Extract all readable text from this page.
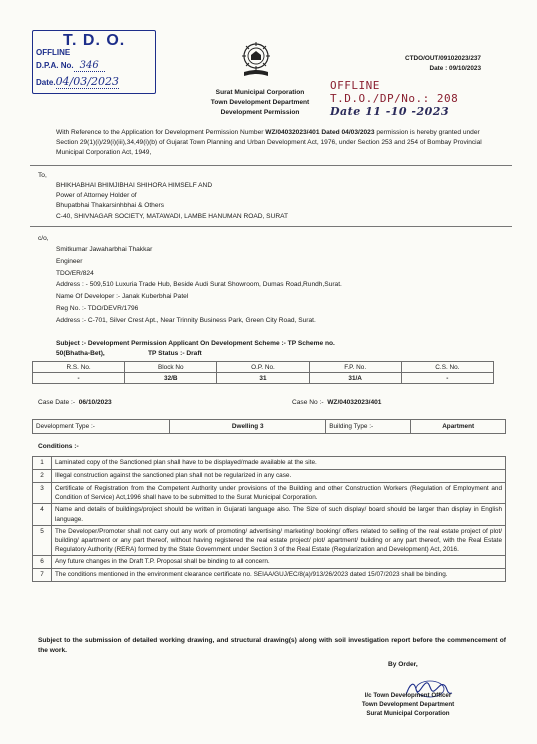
T. D. O.
OFFLINE
D.P.A. No. 346
Date.04/03/2023
Surat Municipal Corporation
Town Development Department
Development Permission
CTDO/OUT/09102023/237
Date : 09/10/2023
OFFLINE
T.D.O./DP/No.: 208
Date 11 -10 -2023
With Reference to the Application for Development Permission Number WZ/04032023/401 Dated 04/03/2023 permission is hereby granted under Section 29(1)(i)/29(i)(iii),34,49(i)(b) of Gujarat Town Planning and Urban Development Act, 1976, under Section 253 and 254 of Bombay Provincial Municipal Corporation Act, 1949,
To,
BHIKHABHAI BHIMJIBHAI SHIHORA HIMSELF AND
Power of Attorney Holder of
Bhupatbhai Thakarsinhbhai & Others
C-40, SHIVNAGAR SOCIETY, MATAWADI, LAMBE HANUMAN ROAD, SURAT
c/o,
Smitkumar Jawaharbhai Thakkar
Engineer
TDO/ER/824
Address : - 509,510 Luxuria Trade Hub, Beside Audi Surat Showroom, Dumas Road,Rundh,Surat.
Name Of Developer :- Janak Kuberbhai Patel
Reg No. :- TDO/DEVR/1796
Address :- C-701, Silver Crest Apt., Near Trinnity Business Park, Green City Road, Surat.
Subject :- Development Permission Applicant On Development Scheme :- TP Scheme no.
50(Bhatha-Bet),	TP Status :- Draft
R.S. No.	Block No	O.P. No.	F.P. No.	C.S. No.
-	32/B	31	31/A	-
Case Date :- 06/10/2023	Case No :- WZ/04032023/401
Development Type :-	Dwelling 3	Building Type :-	Apartment
Conditions :-
1	Laminated copy of the Sanctioned plan shall have to be displayed/made available at the site.
2	Illegal construction against the sanctioned plan shall not be regularized in any case.
3	Certificate of Registration from the Competent Authority under provisions of the Building and other Construction Workers (Regulation of Employment and Condition of Service) Act,1996 shall have to be submitted to the Surat Municipal Corporation.
4	Name and details of buildings/project should be written in Gujarati language also. The Size of such display/ board should be larger than display in English language.
5	The Developer/Promoter shall not carry out any work of promoting/ advertising/ marketing/ booking/ offers related to selling of the real estate project of plot/ building/ apartment or any part thereof, without having registered the real estate project/ plot/ apartment/ building or any part thereof, with the Real Estate Regulatory Authority (RERA) formed by the State Government under Section 3 of the Real Estate (Regularization and Development) Act, 2016.
6	Any future changes in the Draft T.P. Proposal shall be binding to all concern.
7	The conditions mentioned in the environment clearance certificate no. SEIAA/GUJ/EC/8(a)/913/26/2023 dated 15/07/2023 shall be binding.
Subject to the submission of detailed working drawing, and structural drawing(s) along with soil investigation report before the commencement of the work.
By Order,
I/c Town Development Officer
Town Development Department
Surat Municipal Corporation
